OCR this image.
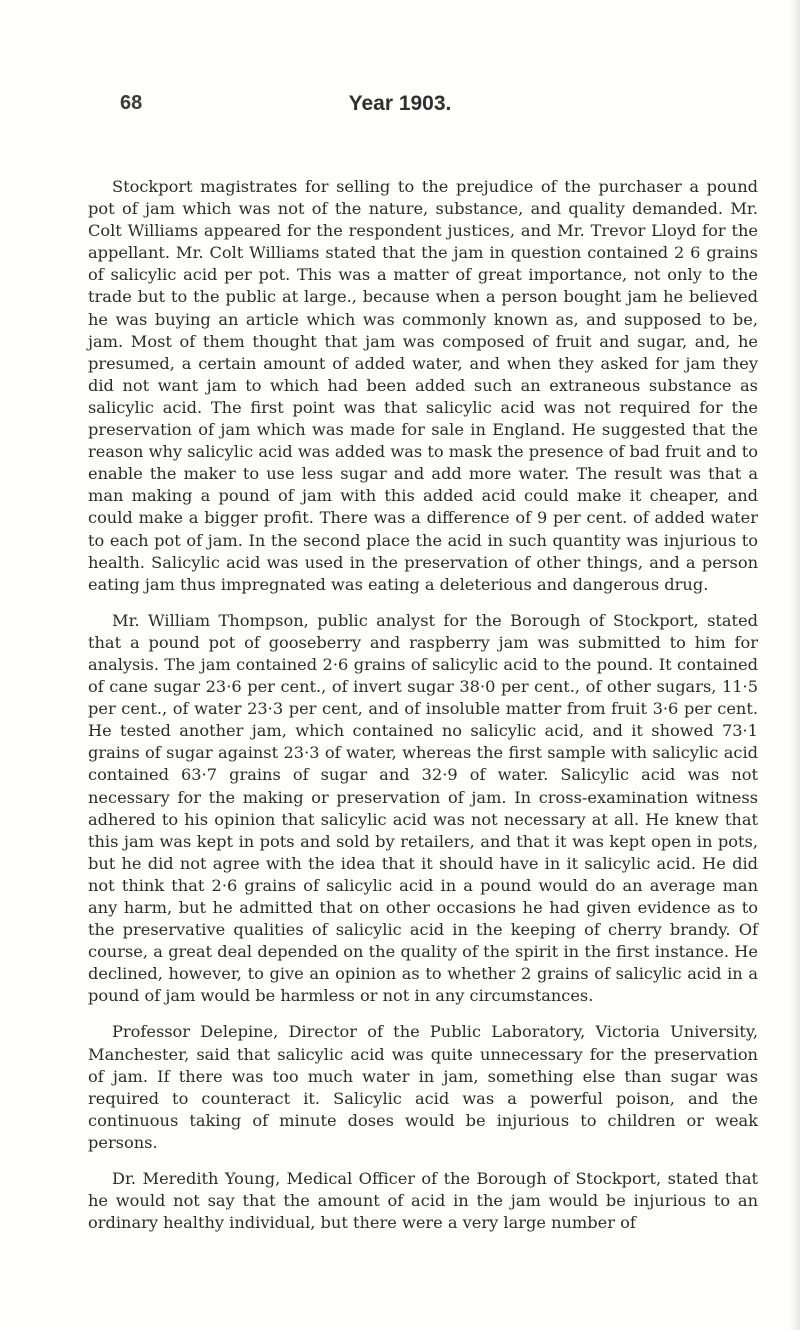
Year 1903.
68

Stockport magistrates for selling to the prejudice of the purchaser a pound pot of jam which was not of the nature, substance, and quality demanded. Mr. Colt Williams appeared for the respondent justices, and Mr. Trevor Lloyd for the appellant. Mr. Colt Williams stated that the jam in question contained 2 6 grains of salicylic acid per pot. This was a matter of great importance, not only to the trade but to the public at large., because when a person bought jam he believed he was buying an article which was commonly known as, and supposed to be, jam. Most of them thought that jam was composed of fruit and sugar, and, he presumed, a certain amount of added water, and when they asked for jam they did not want jam to which had been added such an extraneous substance as salicylic acid. The first point was that salicylic acid was not required for the preservation of jam which was made for sale in England. He suggested that the reason why salicylic acid was added was to mask the presence of bad fruit and to enable the maker to use less sugar and add more water. The result was that a man making a pound of jam with this added acid could make it cheaper, and could make a bigger profit. There was a difference of 9 per cent. of added water to each pot of jam. In the second place the acid in such quantity was injurious to health. Salicylic acid was used in the preservation of other things, and a person eating jam thus impregnated was eating a deleterious and dangerous drug.

Mr. William Thompson, public analyst for the Borough of Stockport, stated that a pound pot of gooseberry and raspberry jam was submitted to him for analysis. The jam contained 2·6 grains of salicylic acid to the pound. It contained of cane sugar 23·6 per cent., of invert sugar 38·0 per cent., of other sugars, 11·5 per cent., of water 23·3 per cent, and of insoluble matter from fruit 3·6 per cent. He tested another jam, which contained no salicylic acid, and it showed 73·1 grains of sugar against 23·3 of water, whereas the first sample with salicylic acid contained 63·7 grains of sugar and 32·9 of water. Salicylic acid was not necessary for the making or preservation of jam. In cross-examination witness adhered to his opinion that salicylic acid was not necessary at all. He knew that this jam was kept in pots and sold by retailers, and that it was kept open in pots, but he did not agree with the idea that it should have in it salicylic acid. He did not think that 2·6 grains of salicylic acid in a pound would do an average man any harm, but he admitted that on other occasions he had given evidence as to the preservative qualities of salicylic acid in the keeping of cherry brandy. Of course, a great deal depended on the quality of the spirit in the first instance. He declined, however, to give an opinion as to whether 2 grains of salicylic acid in a pound of jam would be harmless or not in any circumstances.

Professor Delepine, Director of the Public Laboratory, Victoria University, Manchester, said that salicylic acid was quite unnecessary for the preservation of jam. If there was too much water in jam, something else than sugar was required to counteract it. Salicylic acid was a powerful poison, and the continuous taking of minute doses would be injurious to children or weak persons.

Dr. Meredith Young, Medical Officer of the Borough of Stockport, stated that he would not say that the amount of acid in the jam would be injurious to an ordinary healthy individual, but there were a very large number of
